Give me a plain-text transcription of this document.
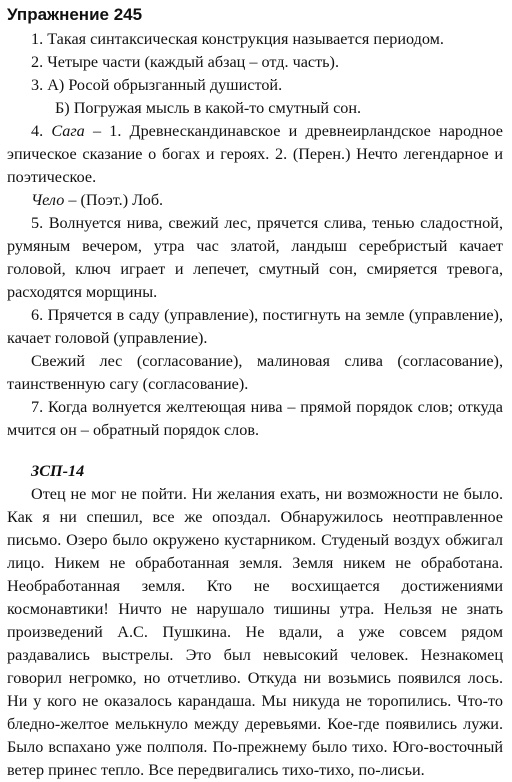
Упражнение 245

1. Такая синтаксическая конструкция называется периодом.

2. Четыре части (каждый абзац – отд. часть).

3. А) Росой обрызганный душистой.

Б) Погружая мысль в какой-то смутный сон.

4. Сага – 1. Древнескандинавское и древнеирландское народное эпическое сказание о богах и героях. 2. (Перен.) Нечто легендарное и поэтическое.

Чело – (Поэт.) Лоб.

5. Волнуется нива, свежий лес, прячется слива, тенью сладостной, румяным вечером, утра час златой, ландыш серебристый качает головой, ключ играет и лепечет, смутный сон, смиряется тревога, расходятся морщины.

6. Прячется в саду (управление), постигнуть на земле (управление), качает головой (управление).

Свежий лес (согласование), малиновая слива (согласование), таинственную сагу (согласование).

7. Когда волнуется желтеющая нива – прямой порядок слов; откуда мчится он – обратный порядок слов.

ЗСП-14

Отец не мог не пойти. Ни желания ехать, ни возможности не было. Как я ни спешил, все же опоздал. Обнаружилось неотправленное письмо. Озеро было окружено кустарником. Студеный воздух обжигал лицо. Никем не обработанная земля. Земля никем не обработана. Необработанная земля. Кто не восхищается достижениями космонавтики! Ничто не нарушало тишины утра. Нельзя не знать произведений А.С. Пушкина. Не вдали, а уже совсем рядом раздавались выстрелы. Это был невысокий человек. Незнакомец говорил негромко, но отчетливо. Откуда ни возьмись появился лось. Ни у кого не оказалось карандаша. Мы никуда не торопились. Что-то бледно-желтое мелькнуло между деревьями. Кое-где появились лужи. Было вспахано уже полполя. По-прежнему было тихо. Юго-восточный ветер принес тепло. Все передвигались тихо-тихо, по-лисьи.
